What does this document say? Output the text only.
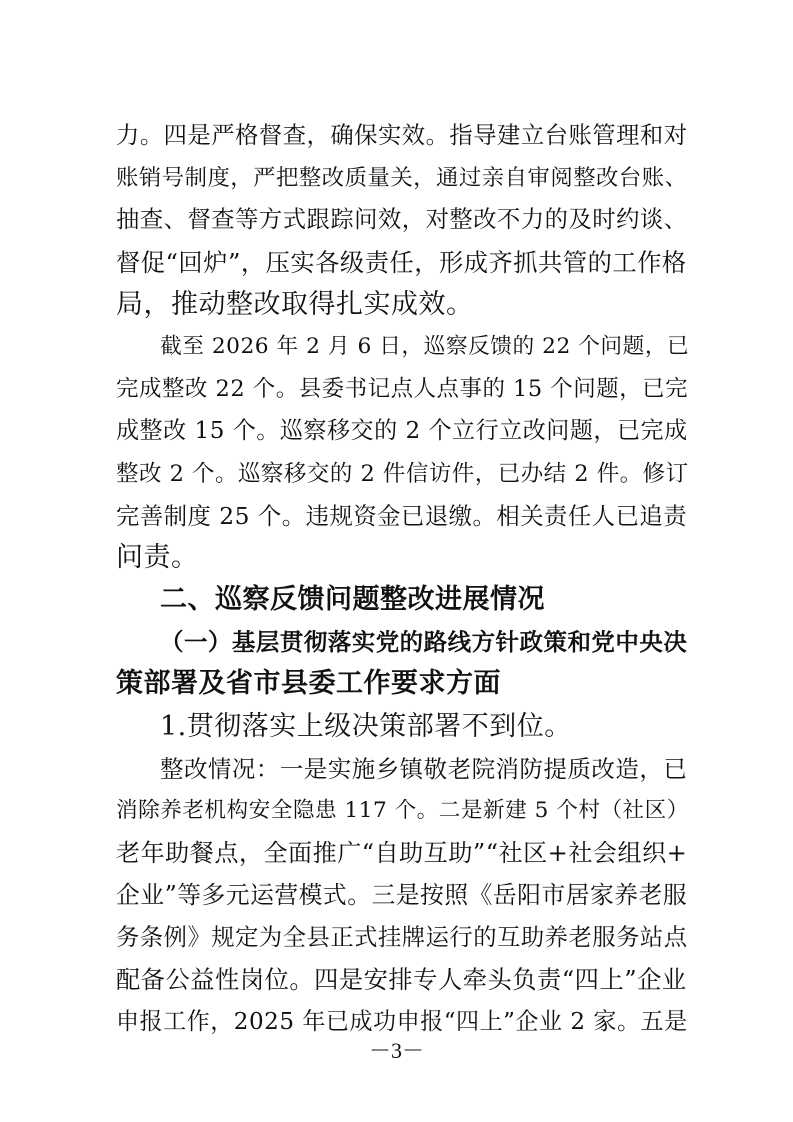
力。四是严格督查，确保实效。指导建立台账管理和对
账销号制度，严把整改质量关，通过亲自审阅整改台账、
抽查、督查等方式跟踪问效，对整改不力的及时约谈、
督促“回炉”，压实各级责任，形成齐抓共管的工作格
局，推动整改取得扎实成效。
截至 2026 年 2 月 6 日，巡察反馈的 22 个问题，已
完成整改 22 个。县委书记点人点事的 15 个问题，已完
成整改 15 个。巡察移交的 2 个立行立改问题，已完成
整改 2 个。巡察移交的 2 件信访件，已办结 2 件。修订
完善制度 25 个。违规资金已退缴。相关责任人已追责
问责。
二、巡察反馈问题整改进展情况
（一）基层贯彻落实党的路线方针政策和党中央决
策部署及省市县委工作要求方面
1.贯彻落实上级决策部署不到位。
整改情况：一是实施乡镇敬老院消防提质改造，已
消除养老机构安全隐患 117 个。二是新建 5 个村（社区）
老年助餐点，全面推广“自助互助”“社区+社会组织+
企业”等多元运营模式。三是按照《岳阳市居家养老服
务条例》规定为全县正式挂牌运行的互助养老服务站点
配备公益性岗位。四是安排专人牵头负责“四上”企业
申报工作，2025 年已成功申报“四上”企业 2 家。五是
－3－
